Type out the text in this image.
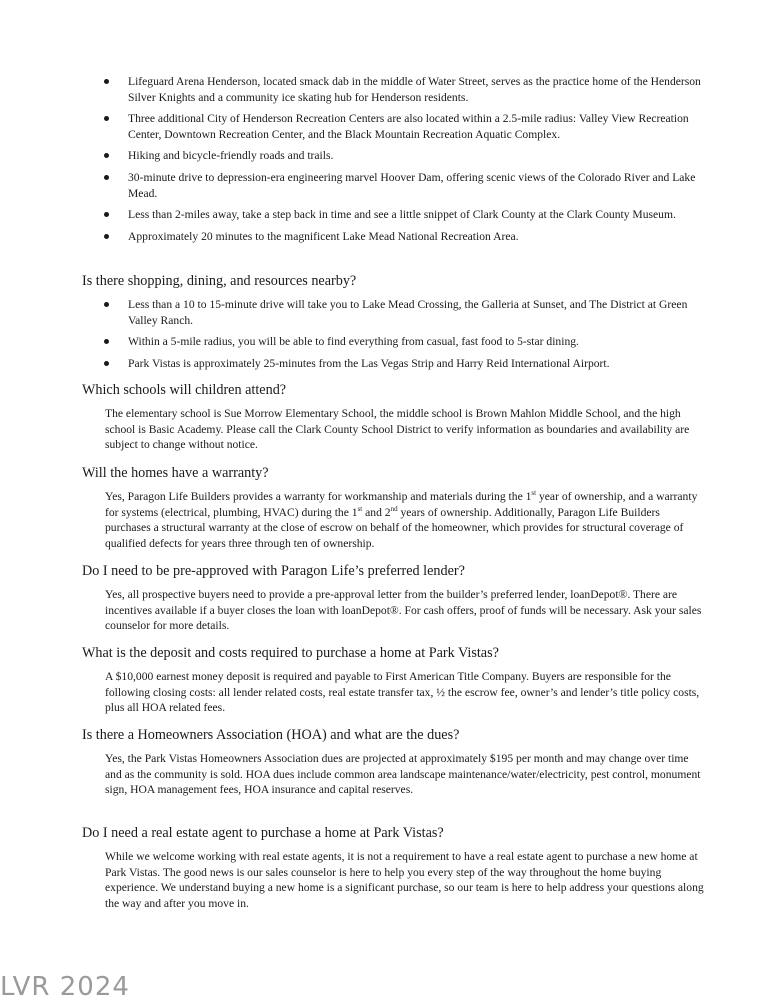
Lifeguard Arena Henderson, located smack dab in the middle of Water Street, serves as the practice home of the Henderson Silver Knights and a community ice skating hub for Henderson residents.
Three additional City of Henderson Recreation Centers are also located within a 2.5-mile radius: Valley View Recreation Center, Downtown Recreation Center, and the Black Mountain Recreation Aquatic Complex.
Hiking and bicycle-friendly roads and trails.
30-minute drive to depression-era engineering marvel Hoover Dam, offering scenic views of the Colorado River and Lake Mead.
Less than 2-miles away, take a step back in time and see a little snippet of Clark County at the Clark County Museum.
Approximately 20 minutes to the magnificent Lake Mead National Recreation Area.
Is there shopping, dining, and resources nearby?
Less than a 10 to 15-minute drive will take you to Lake Mead Crossing, the Galleria at Sunset, and The District at Green Valley Ranch.
Within a 5-mile radius, you will be able to find everything from casual, fast food to 5-star dining.
Park Vistas is approximately 25-minutes from the Las Vegas Strip and Harry Reid International Airport.
Which schools will children attend?

The elementary school is Sue Morrow Elementary School, the middle school is Brown Mahlon Middle School, and the high school is Basic Academy. Please call the Clark County School District to verify information as boundaries and availability are subject to change without notice.

Will the homes have a warranty?

Yes, Paragon Life Builders provides a warranty for workmanship and materials during the 1st year of ownership, and a warranty for systems (electrical, plumbing, HVAC) during the 1st and 2nd years of ownership. Additionally, Paragon Life Builders purchases a structural warranty at the close of escrow on behalf of the homeowner, which provides for structural coverage of qualified defects for years three through ten of ownership.

Do I need to be pre-approved with Paragon Life’s preferred lender?

Yes, all prospective buyers need to provide a pre-approval letter from the builder’s preferred lender, loanDepot®. There are incentives available if a buyer closes the loan with loanDepot®. For cash offers, proof of funds will be necessary. Ask your sales counselor for more details.

What is the deposit and costs required to purchase a home at Park Vistas?

A $10,000 earnest money deposit is required and payable to First American Title Company. Buyers are responsible for the following closing costs: all lender related costs, real estate transfer tax, ½ the escrow fee, owner’s and lender’s title policy costs, plus all HOA related fees.

Is there a Homeowners Association (HOA) and what are the dues?

Yes, the Park Vistas Homeowners Association dues are projected at approximately $195 per month and may change over time and as the community is sold. HOA dues include common area landscape maintenance/water/electricity, pest control, monument sign, HOA management fees, HOA insurance and capital reserves.

Do I need a real estate agent to purchase a home at Park Vistas?

While we welcome working with real estate agents, it is not a requirement to have a real estate agent to purchase a new home at Park Vistas. The good news is our sales counselor is here to help you every step of the way throughout the home buying experience. We understand buying a new home is a significant purchase, so our team is here to help address your questions along the way and after you move in.

LVR 2024
